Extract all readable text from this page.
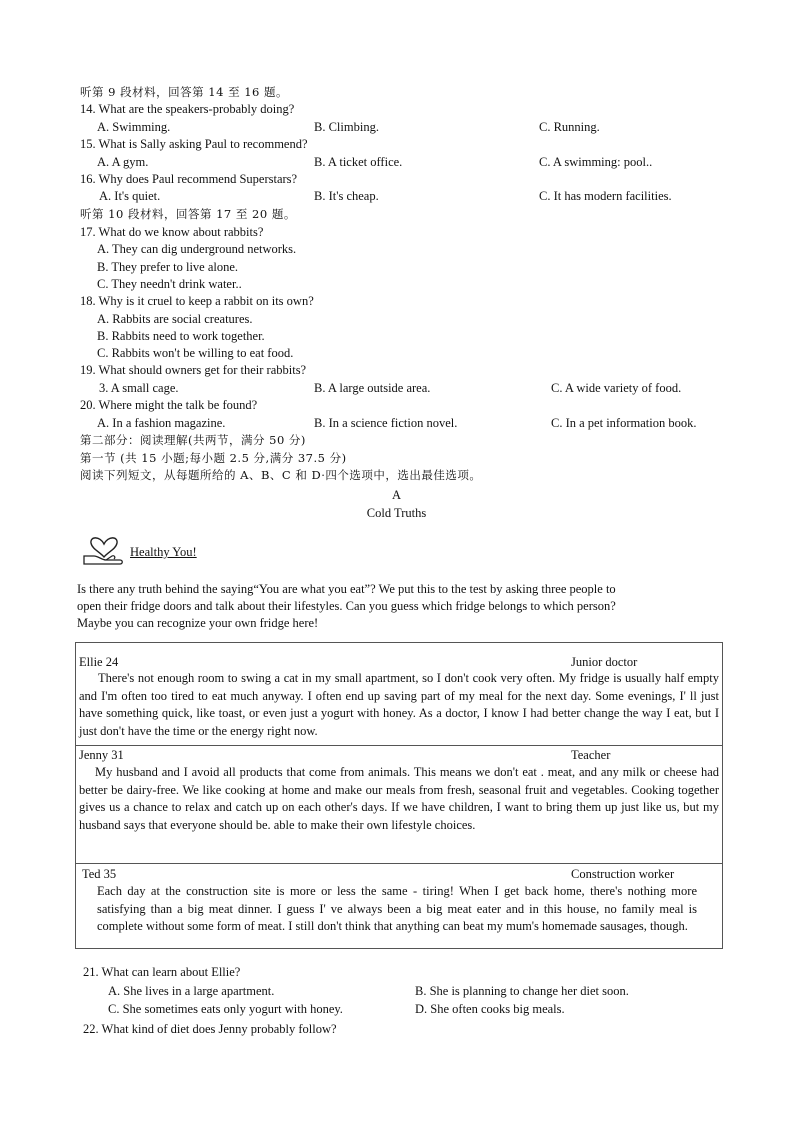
听第 9 段材料，回答第 14 至 16 题。
14. What are the speakers-probably doing?
A. Swimming.	B. Climbing.	C. Running.
15. What is Sally asking Paul to recommend?
A. A gym.	B. A ticket office.	C. A swimming: pool..
16. Why does Paul recommend Superstars?
A. It's quiet.	B. It's cheap.	C. It has modern facilities.
听第 10 段材料，回答第 17 至 20 题。
17. What do we know about rabbits?
A. They can dig underground networks.
B. They prefer to live alone.
C. They needn't drink water..
18. Why is it cruel to keep a rabbit on its own?
A. Rabbits are social creatures.
B. Rabbits need to work together.
C. Rabbits won't be willing to eat food.
19. What should owners get for their rabbits?
3. A small cage.	B. A large outside area.	C. A wide variety of food.
20. Where might the talk be found?
A. In a fashion magazine.	B. In a science fiction novel.	C. In a pet information book.
第二部分：阅读理解(共两节，满分 50 分)
第一节 (共 15 小题;每小题 2.5 分,满分 37.5 分)
阅读下列短文，从每题所给的 A、B、C 和 D·四个选项中，选出最佳选项。
A
Cold Truths
Healthy You!
Is there any truth behind the saying“You are what you eat”? We put this to the test by asking three people to
open their fridge doors and talk about their lifestyles. Can you guess which fridge belongs to which person?
Maybe you can recognize your own fridge here!
Ellie 24	Junior doctor
There's not enough room to swing a cat in my small apartment, so I don't cook very often. My fridge is usually half empty and I'm often too tired to eat much anyway. I often end up saving part of my meal for the next day. Some evenings, I' ll just have something quick, like toast, or even just a yogurt with honey. As a doctor, I know I had better change the way I eat, but I just don't have the time or the energy right now.
Jenny 31	Teacher
My husband and I avoid all products that come from animals. This means we don't eat . meat, and any milk or cheese had better be dairy-free. We like cooking at home and make our meals from fresh, seasonal fruit and vegetables. Cooking together gives us a chance to relax and catch up on each other's days. If we have children, I want to bring them up just like us, but my husband says that everyone should be. able to make their own lifestyle choices.
Ted 35	Construction worker
Each day at the construction site is more or less the same - tiring! When I get back home, there's nothing more satisfying than a big meat dinner. I guess I' ve always been a big meat eater and in this house, no family meal is complete without some form of meat. I still don't think that anything can beat my mum's homemade sausages, though.
21. What can learn about Ellie?
A. She lives in a large apartment.	B. She is planning to change her diet soon.
C. She sometimes eats only yogurt with honey.	D. She often cooks big meals.
22. What kind of diet does Jenny probably follow?
